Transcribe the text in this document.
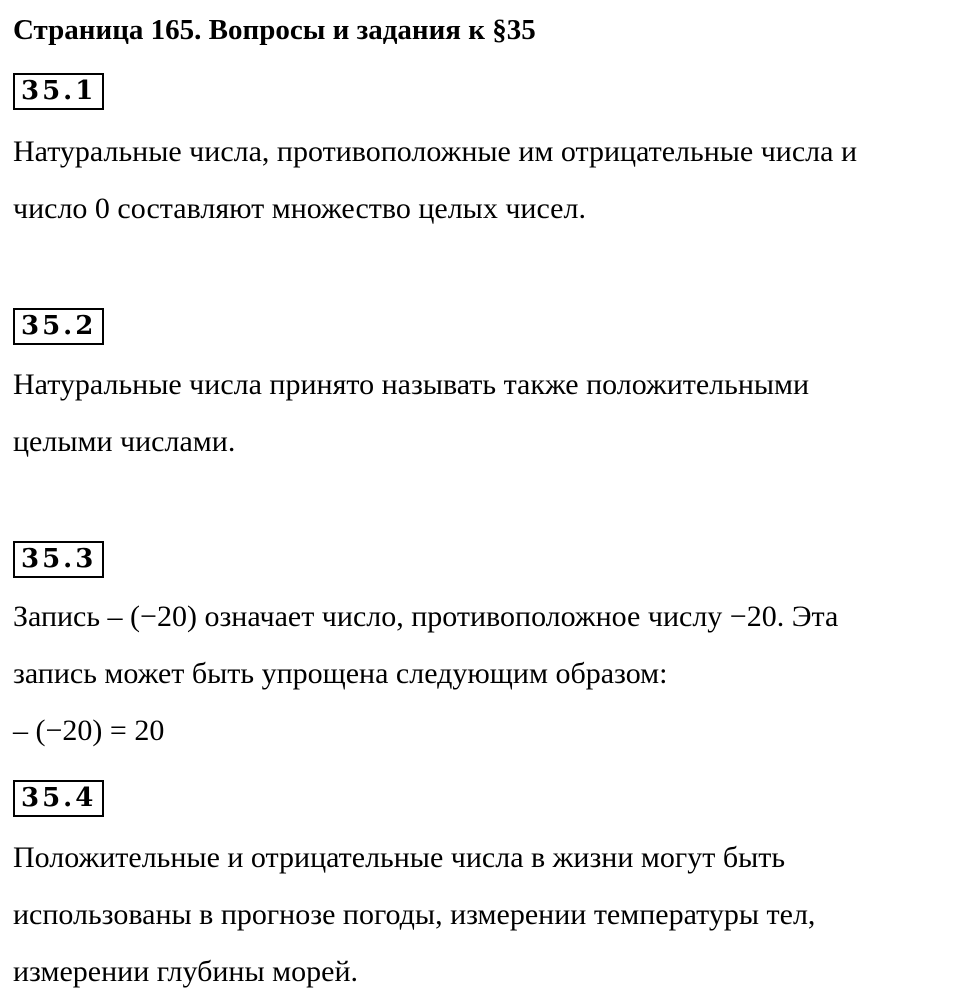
Страница 165. Вопросы и задания к §35
35.1
Натуральные числа, противоположные им отрицательные числа и
число 0 составляют множество целых чисел.
35.2
Натуральные числа принято называть также положительными
целыми числами.
35.3
Запись – (−20) означает число, противоположное числу −20. Эта
запись может быть упрощена следующим образом:
– (−20) = 20
35.4
Положительные и отрицательные числа в жизни могут быть
использованы в прогнозе погоды, измерении температуры тел,
измерении глубины морей.
